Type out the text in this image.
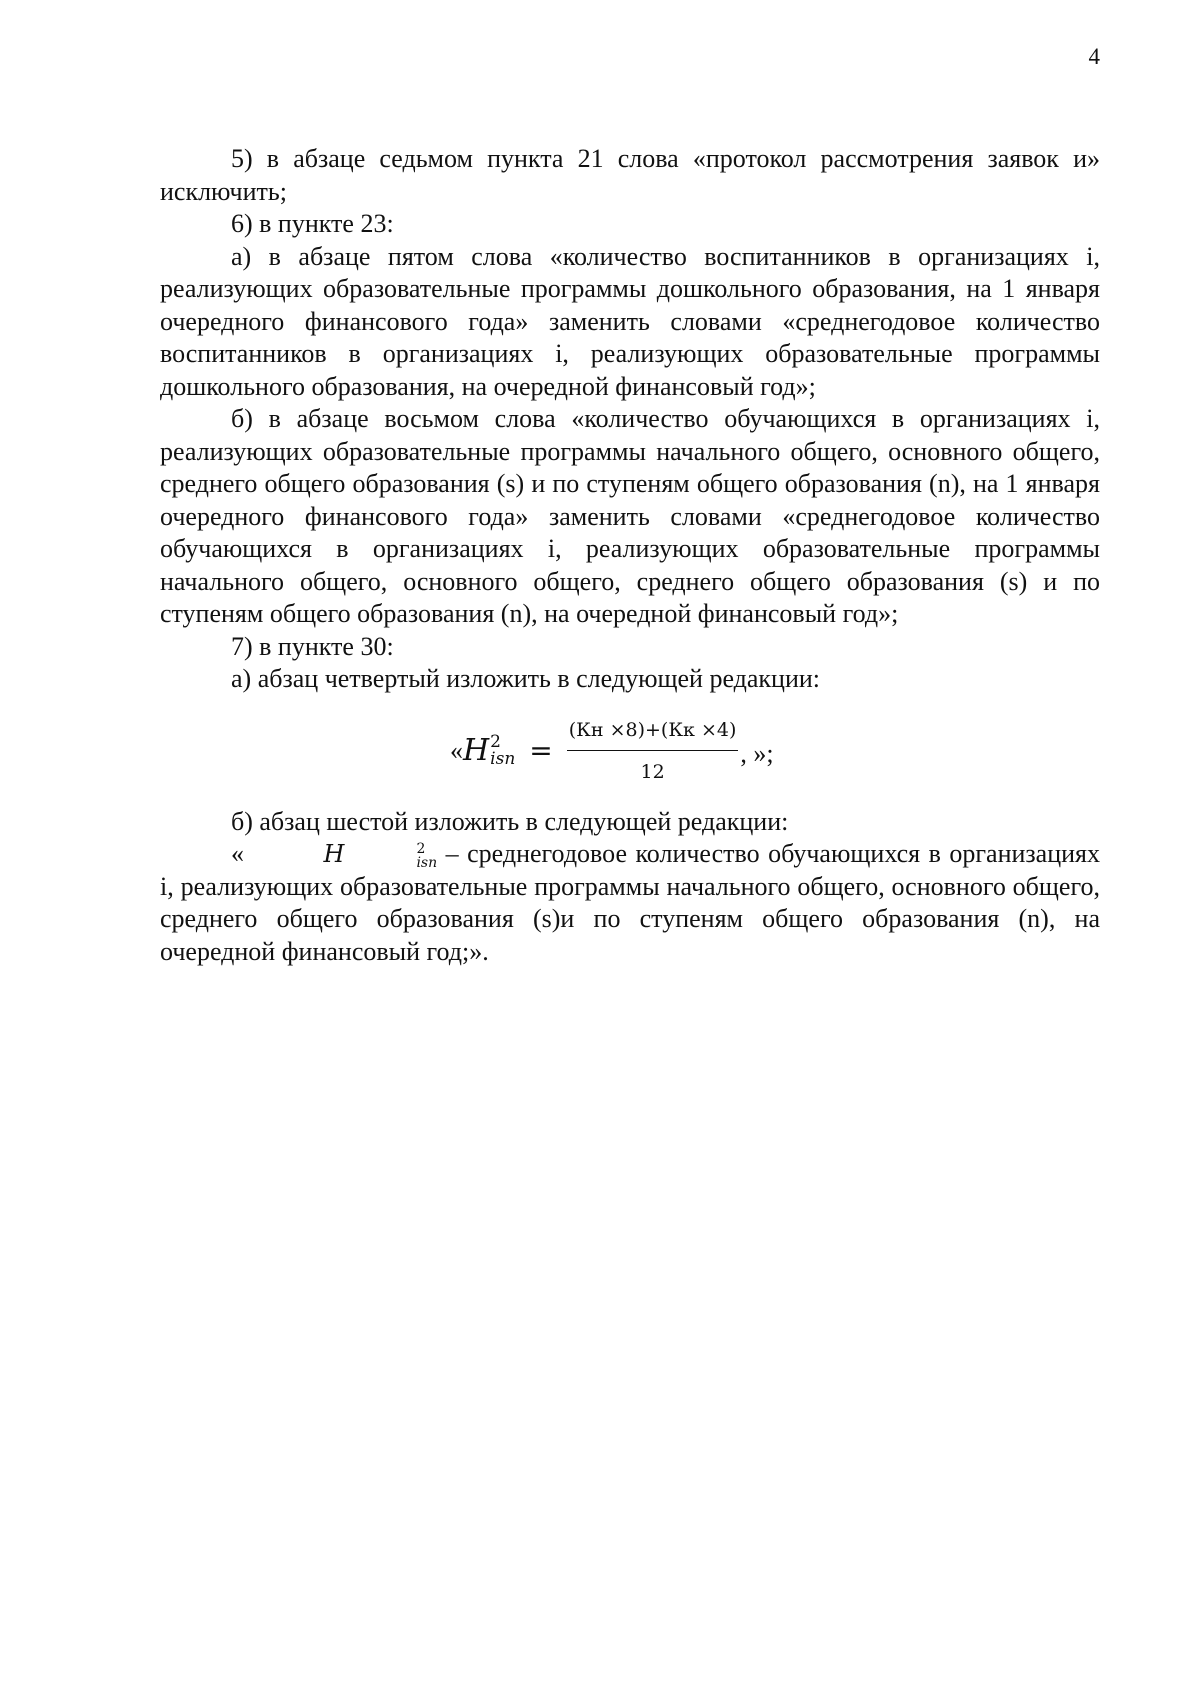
4

5) в абзаце седьмом пункта 21 слова «протокол рассмотрения заявок и» исключить;

6) в пункте 23:

а) в абзаце пятом слова «количество воспитанников в организациях i, реализующих образовательные программы дошкольного образования, на 1 января очередного финансового года» заменить словами «среднегодовое количество воспитанников в организациях i, реализующих образовательные программы дошкольного образования, на очередной финансовый год»;

б) в абзаце восьмом слова «количество обучающихся в организациях i, реализующих образовательные программы начального общего, основного общего, среднего общего образования (s) и по ступеням общего образования (n), на 1 января очередного финансового года» заменить словами «среднегодовое количество обучающихся в организациях i, реализующих образовательные программы начального общего, основного общего, среднего общего образования (s) и по ступеням общего образования (n), на очередной финансовый год»;

7) в пункте 30:

а) абзац четвертый изложить в следующей редакции:

« H 2
isn = $\frac{(Кн \times 8)+(Кк \times 4)}{12}$ , »;

б) абзац шестой изложить в следующей редакции:

«	H	2
isn – среднегодовое количество обучающихся в организациях i, реализующих образовательные программы начального общего, основного общего, среднего общего образования (s)и по ступеням общего образования (n), на очередной финансовый год;».
